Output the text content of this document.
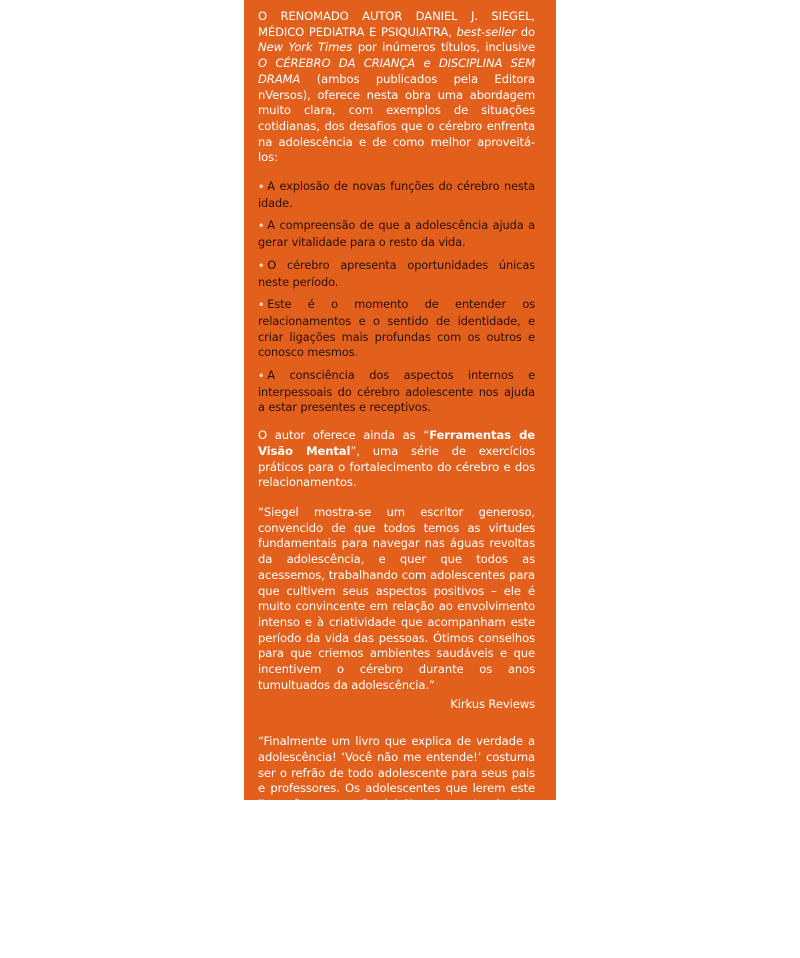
O RENOMADO AUTOR DANIEL J. SIEGEL, MÉDICO PEDIATRA E PSIQUIATRA, best-seller do New York Times por inúmeros títulos, inclusive O CÉREBRO DA CRIANÇA e DISCIPLINA SEM DRAMA (ambos publicados pela Editora nVersos), oferece nesta obra uma abordagem muito clara, com exemplos de situações cotidianas, dos desafios que o cérebro enfrenta na adolescência e de como melhor aproveitá-los:

• A explosão de novas funções do cérebro nesta idade.
• A compreensão de que a adolescência ajuda a gerar vitalidade para o resto da vida.
• O cérebro apresenta oportunidades únicas neste período.
• Este é o momento de entender os relacionamentos e o sentido de identidade, e criar ligações mais profundas com os outros e conosco mesmos.
• A consciência dos aspectos internos e interpessoais do cérebro adolescente nos ajuda a estar presentes e receptivos.

O autor oferece ainda as “Ferramentas de Visão Mental”, uma série de exercícios práticos para o fortalecimento do cérebro e dos relacionamentos.

“Siegel mostra-se um escritor generoso, convencido de que todos temos as virtudes fundamentais para navegar nas águas revoltas da adolescência, e quer que todos as acessemos, trabalhando com adolescentes para que cultivem seus aspectos positivos – ele é muito convincente em relação ao envolvimento intenso e à criatividade que acompanham este período da vida das pessoas. Ótimos conselhos para que criemos ambientes saudáveis e que incentivem o cérebro durante os anos tumultuados da adolescência.”

Kirkus Reviews

“Finalmente um livro que explica de verdade a adolescência! ‘Você não me entende!’ costuma ser o refrão de todo adolescente para seus pais e professores. Os adolescentes que lerem este livro vão ver que Daniel Siegel os entende sim. O que mais gostei neste livro foi que Siegel vê a adolescência não como um problema a ser resolvido ou uma dificuldade a ser superada, mas como uma fonte de coragem e criatividade. Este respeito explica por que o livro funciona tão bem como um manual para adolescentes, seus pais e mentores.”

Lawrence J. Cohen, Ph.D., autor de
The Opposite of Worry
